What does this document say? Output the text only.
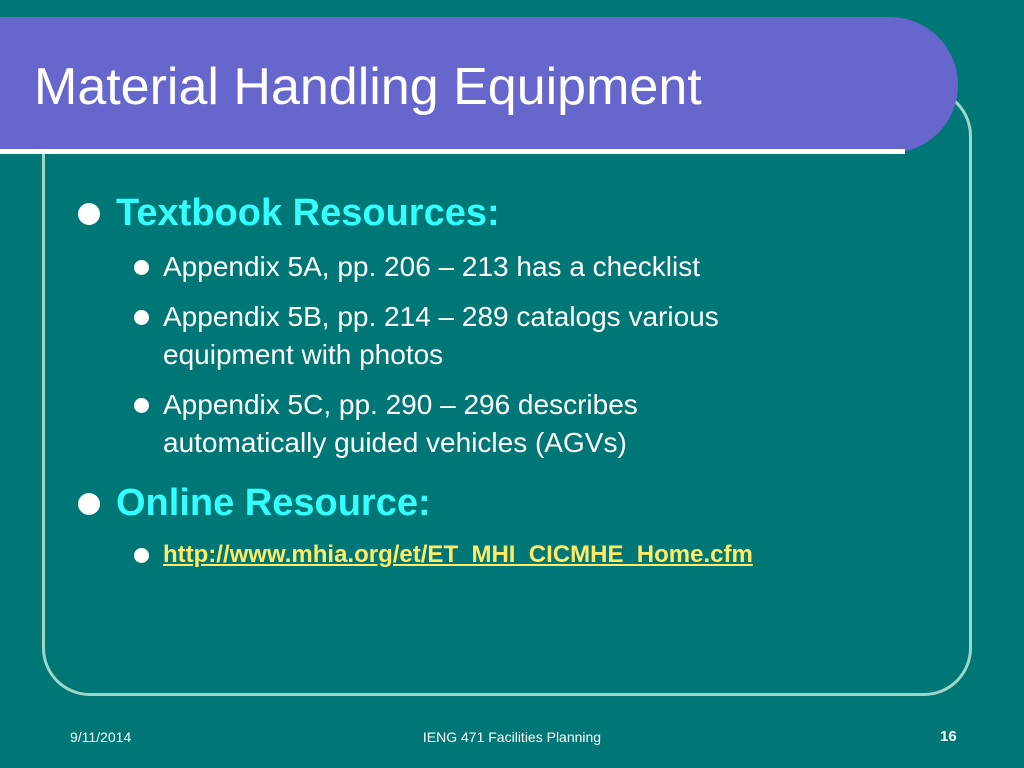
Material Handling Equipment
Textbook Resources:
Appendix 5A, pp. 206 – 213 has a checklist
Appendix 5B, pp. 214 – 289 catalogs various equipment with photos
Appendix 5C, pp. 290 – 296 describes automatically guided vehicles (AGVs)
Online Resource:
http://www.mhia.org/et/ET_MHI_CICMHE_Home.cfm
9/11/2014	IENG 471 Facilities Planning	16
